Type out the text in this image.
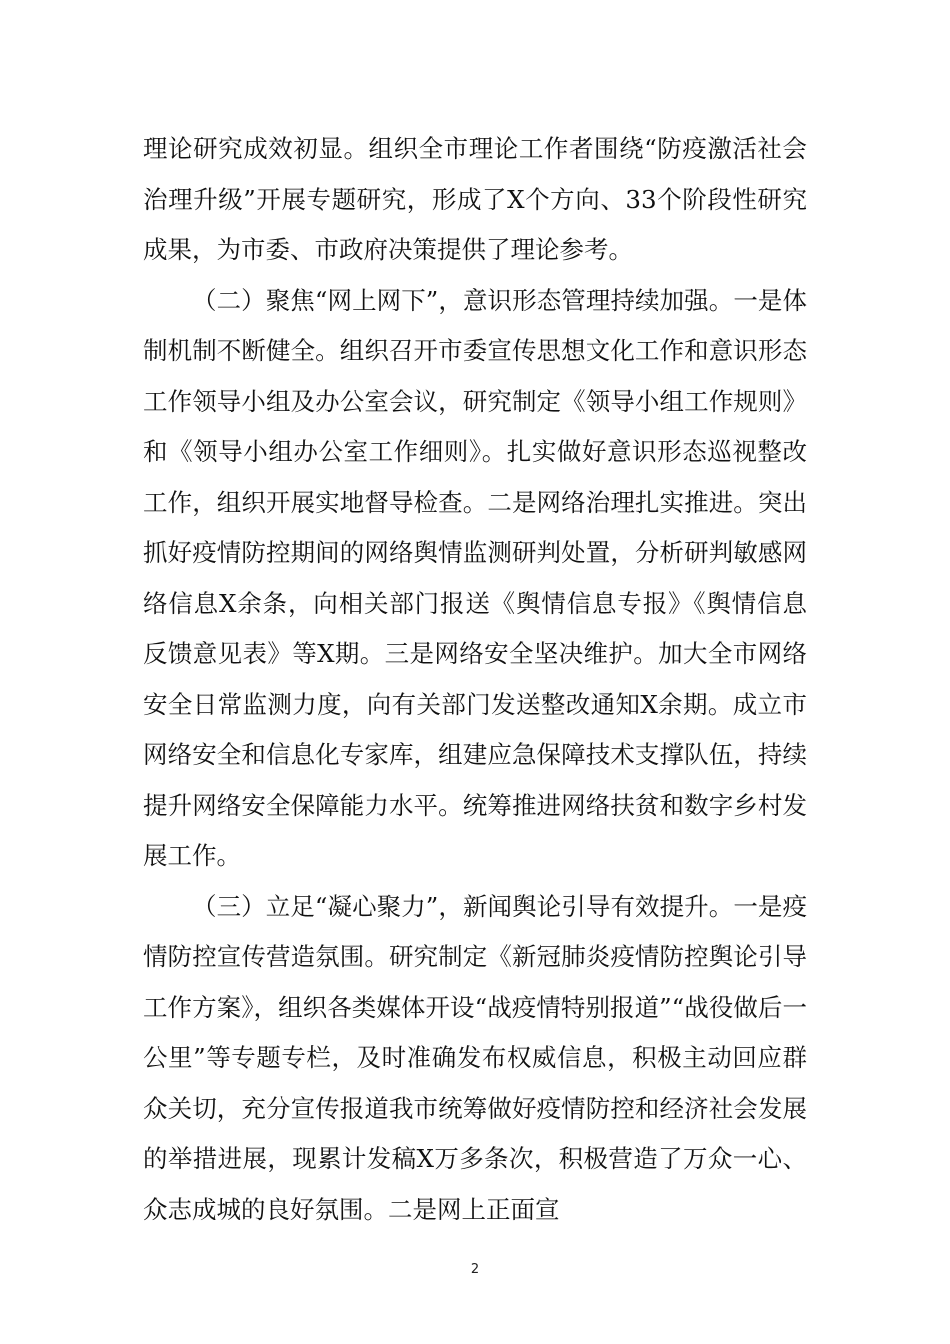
理论研究成效初显。组织全市理论工作者围绕“防疫激活社会治理升级”开展专题研究，形成了X个方向、33个阶段性研究成果，为市委、市政府决策提供了理论参考。

（二）聚焦“网上网下”，意识形态管理持续加强。一是体制机制不断健全。组织召开市委宣传思想文化工作和意识形态工作领导小组及办公室会议，研究制定《领导小组工作规则》和《领导小组办公室工作细则》。扎实做好意识形态巡视整改工作，组织开展实地督导检查。二是网络治理扎实推进。突出抓好疫情防控期间的网络舆情监测研判处置，分析研判敏感网络信息X余条，向相关部门报送《舆情信息专报》《舆情信息反馈意见表》等X期。三是网络安全坚决维护。加大全市网络安全日常监测力度，向有关部门发送整改通知X余期。成立市网络安全和信息化专家库，组建应急保障技术支撑队伍，持续提升网络安全保障能力水平。统筹推进网络扶贫和数字乡村发展工作。

（三）立足“凝心聚力”，新闻舆论引导有效提升。一是疫情防控宣传营造氛围。研究制定《新冠肺炎疫情防控舆论引导工作方案》，组织各类媒体开设“战疫情特别报道”“战役做后一公里”等专题专栏，及时准确发布权威信息，积极主动回应群众关切，充分宣传报道我市统筹做好疫情防控和经济社会发展的举措进展，现累计发稿X万多条次，积极营造了万众一心、众志成城的良好氛围。二是网上正面宣

2
